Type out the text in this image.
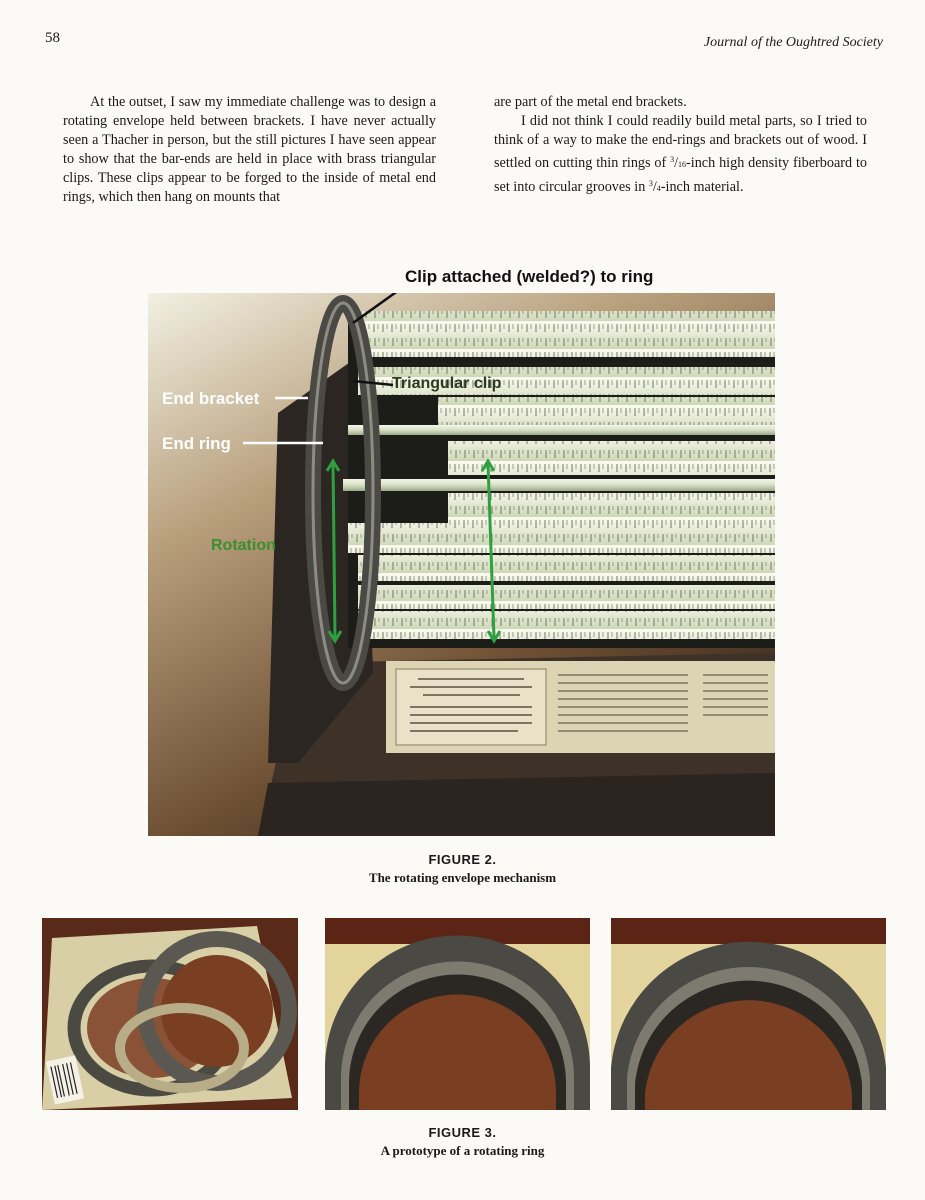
58	Journal of the Oughtred Society

At the outset, I saw my immediate challenge was to design a rotating envelope held between brackets. I have never actually seen a Thacher in person, but the still pictures I have seen appear to show that the bar-ends are held in place with brass triangular clips. These clips appear to be forged to the inside of metal end rings, which then hang on mounts that

are part of the metal end brackets.

I did not think I could readily build metal parts, so I tried to think of a way to make the end-rings and brackets out of wood. I settled on cutting thin rings of $^3$/16-inch high density fiberboard to set into circular grooves in $^3$/4-inch material.

Clip attached (welded?) to ring
Triangular clip
End bracket
End ring
Rotation
FIGURE 2.
The rotating envelope mechanism
FIGURE 3.
A prototype of a rotating ring
